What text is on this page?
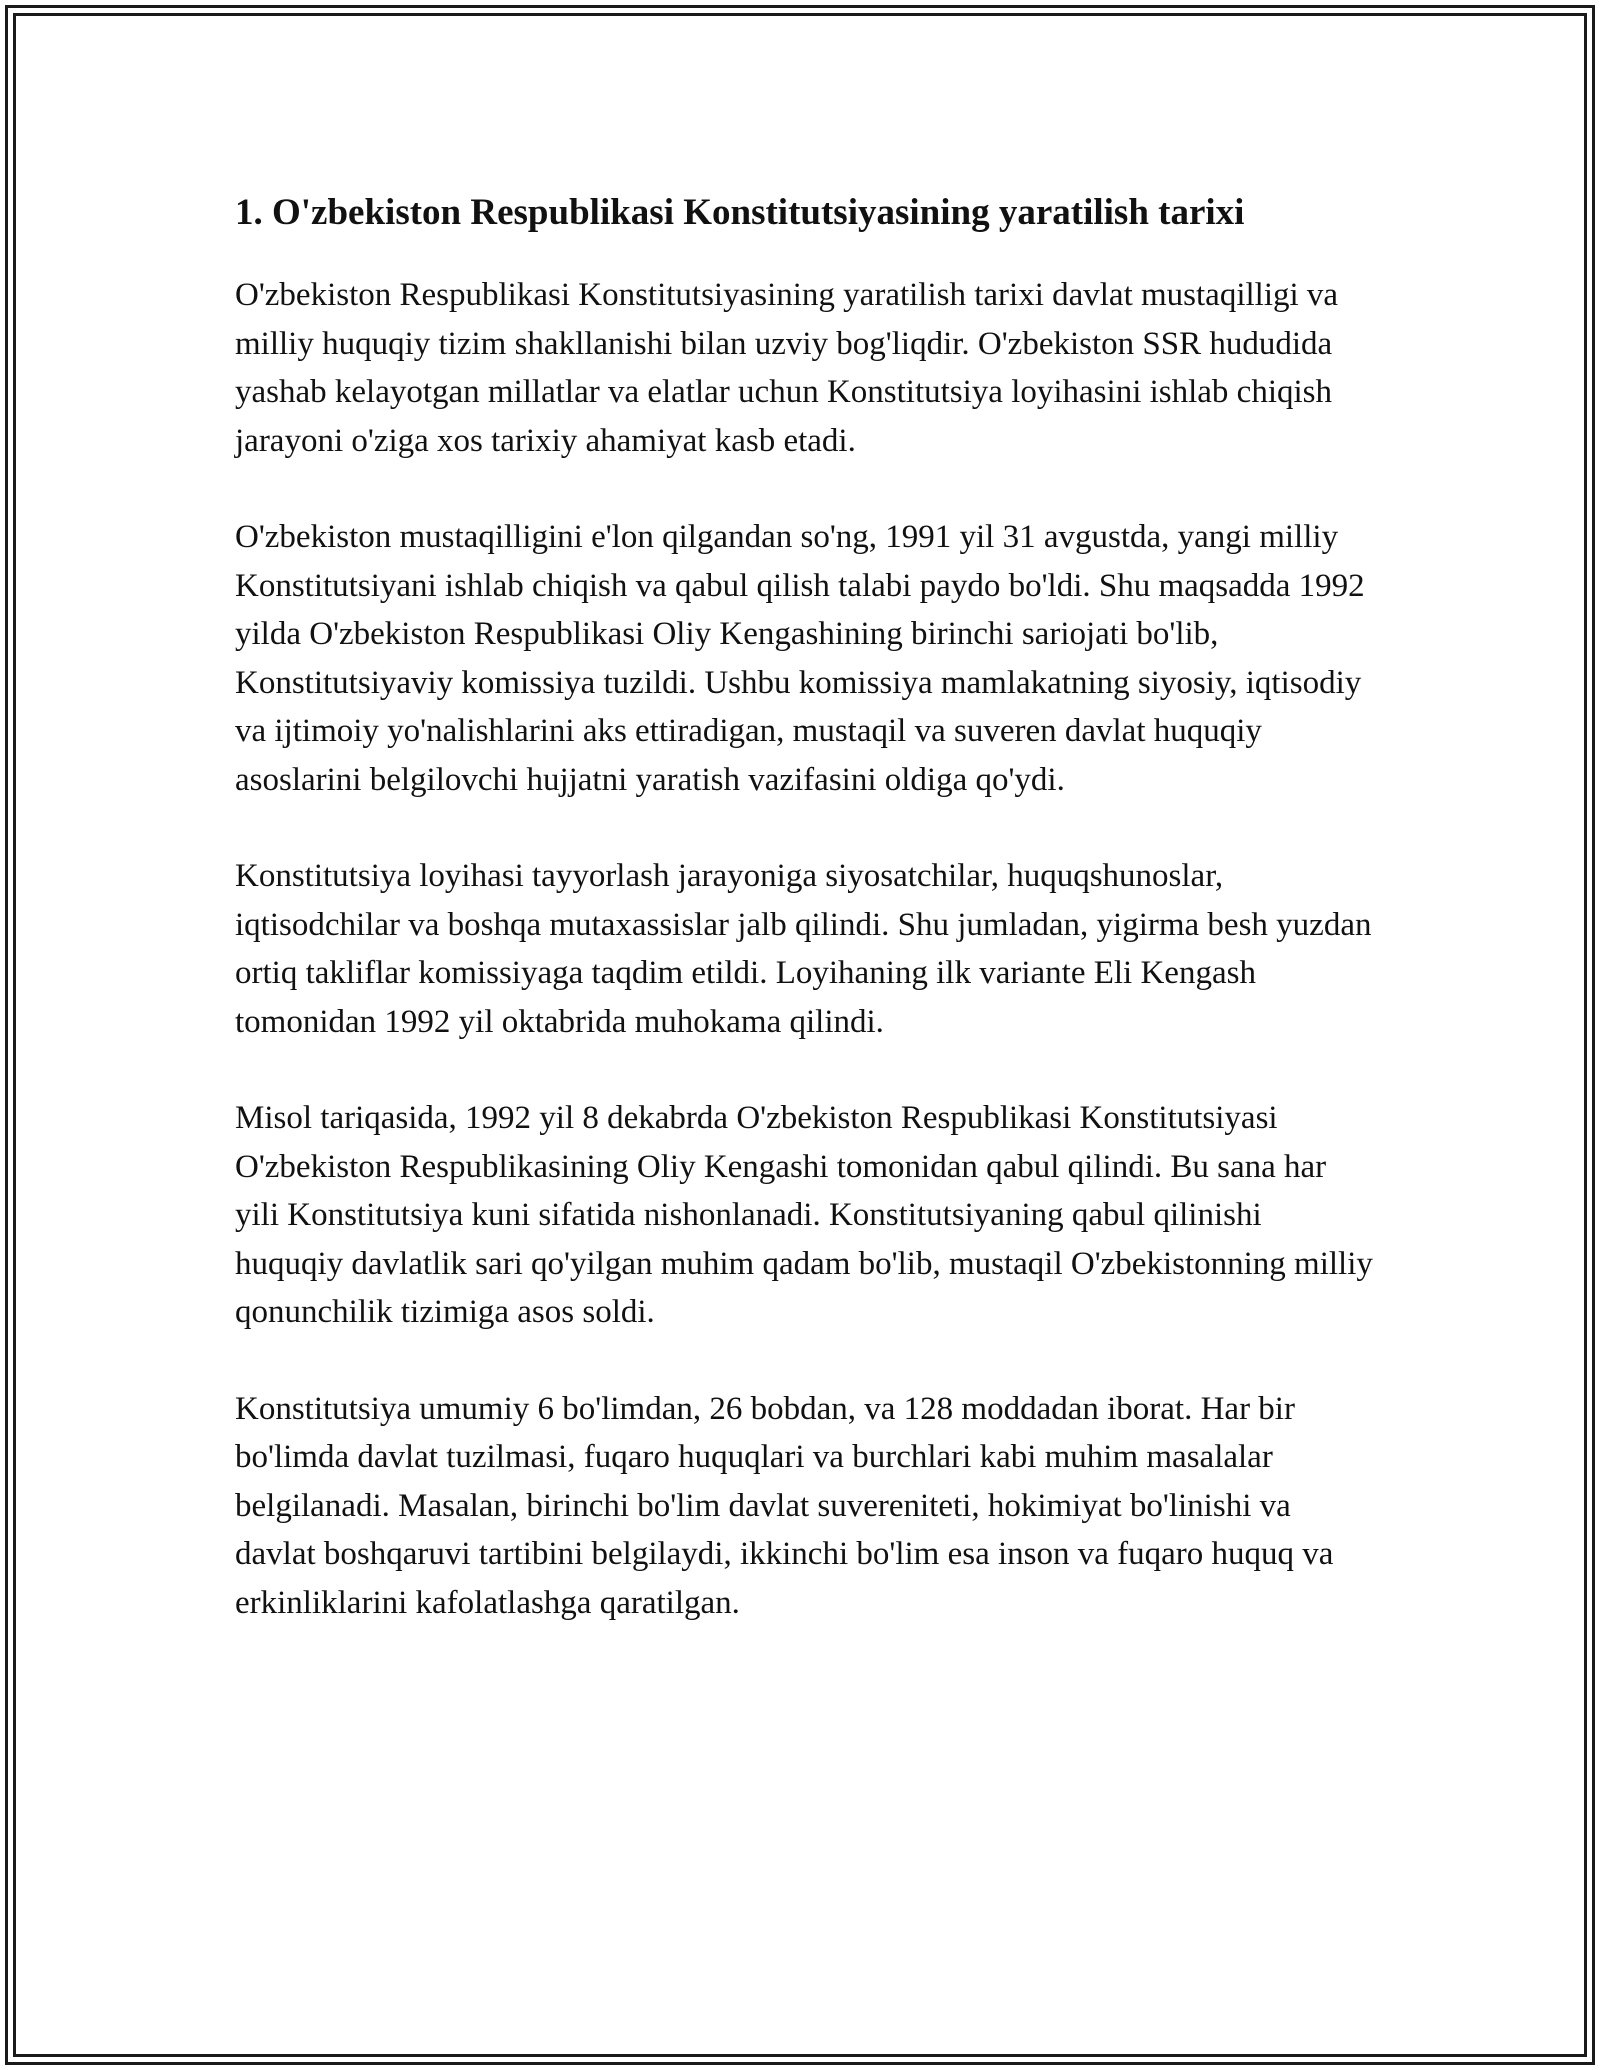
1. O'zbekiston Respublikasi Konstitutsiyasining yaratilish tarixi

O'zbekiston Respublikasi Konstitutsiyasining yaratilish tarixi davlat mustaqilligi va milliy huquqiy tizim shakllanishi bilan uzviy bog'liqdir. O'zbekiston SSR hududida yashab kelayotgan millatlar va elatlar uchun Konstitutsiya loyihasini ishlab chiqish jarayoni o'ziga xos tarixiy ahamiyat kasb etadi.

O'zbekiston mustaqilligini e'lon qilgandan so'ng, 1991 yil 31 avgustda, yangi milliy Konstitutsiyani ishlab chiqish va qabul qilish talabi paydo bo'ldi. Shu maqsadda 1992 yilda O'zbekiston Respublikasi Oliy Kengashining birinchi sariojati bo'lib, Konstitutsiyaviy komissiya tuzildi. Ushbu komissiya mamlakatning siyosiy, iqtisodiy va ijtimoiy yo'nalishlarini aks ettiradigan, mustaqil va suveren davlat huquqiy asoslarini belgilovchi hujjatni yaratish vazifasini oldiga qo'ydi.

Konstitutsiya loyihasi tayyorlash jarayoniga siyosatchilar, huquqshunoslar, iqtisodchilar va boshqa mutaxassislar jalb qilindi. Shu jumladan, yigirma besh yuzdan ortiq takliflar komissiyaga taqdim etildi. Loyihaning ilk variante Eli Kengash tomonidan 1992 yil oktabrida muhokama qilindi.

Misol tariqasida, 1992 yil 8 dekabrda O'zbekiston Respublikasi Konstitutsiyasi O'zbekiston Respublikasining Oliy Kengashi tomonidan qabul qilindi. Bu sana har yili Konstitutsiya kuni sifatida nishonlanadi. Konstitutsiyaning qabul qilinishi huquqiy davlatlik sari qo'yilgan muhim qadam bo'lib, mustaqil O'zbekistonning milliy qonunchilik tizimiga asos soldi.

Konstitutsiya umumiy 6 bo'limdan, 26 bobdan, va 128 moddadan iborat. Har bir bo'limda davlat tuzilmasi, fuqaro huquqlari va burchlari kabi muhim masalalar belgilanadi. Masalan, birinchi bo'lim davlat suvereniteti, hokimiyat bo'linishi va davlat boshqaruvi tartibini belgilaydi, ikkinchi bo'lim esa inson va fuqaro huquq va erkinliklarini kafolatlashga qaratilgan.
